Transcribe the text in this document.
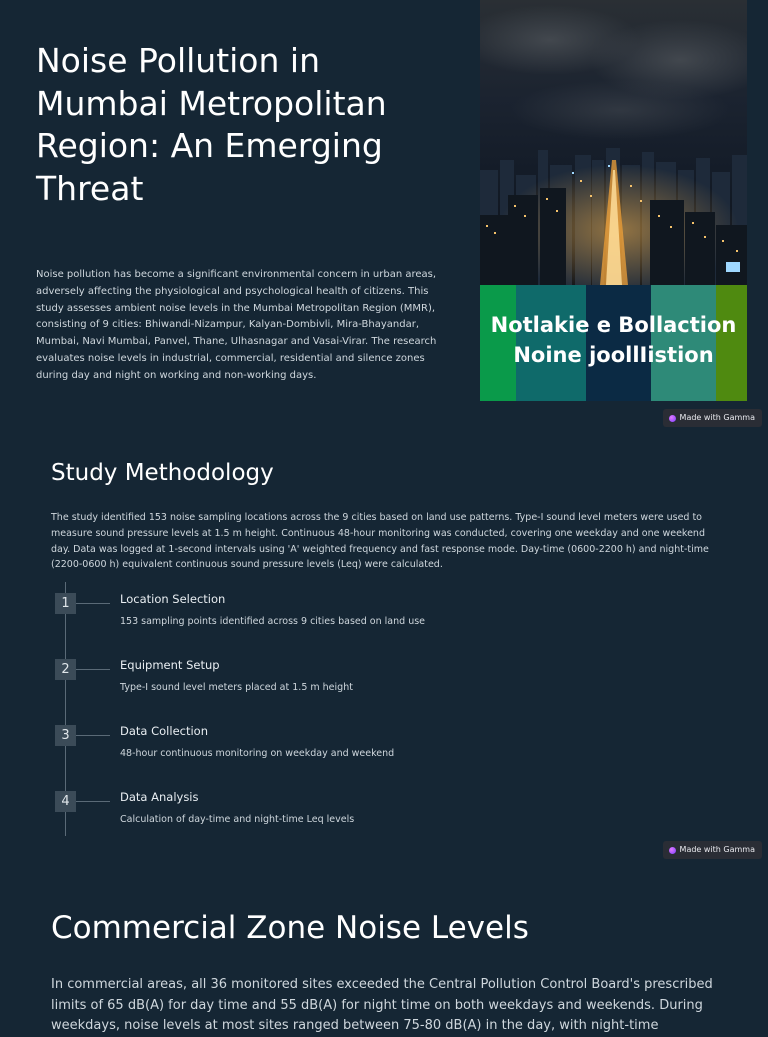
Noise Pollution in Mumbai Metropolitan Region: An Emerging Threat

Noise pollution has become a significant environmental concern in urban areas, adversely affecting the physiological and psychological health of citizens. This study assesses ambient noise levels in the Mumbai Metropolitan Region (MMR), consisting of 9 cities: Bhiwandi-Nizampur, Kalyan-Dombivli, Mira-Bhayandar, Mumbai, Navi Mumbai, Panvel, Thane, Ulhasnagar and Vasai-Virar. The research evaluates noise levels in industrial, commercial, residential and silence zones during day and night on working and non-working days.

Notlakie e Bollaction
Noine joollIistion
Made with Gamma
Study Methodology

The study identified 153 noise sampling locations across the 9 cities based on land use patterns. Type-I sound level meters were used to measure sound pressure levels at 1.5 m height. Continuous 48-hour monitoring was conducted, covering one weekday and one weekend day. Data was logged at 1-second intervals using 'A' weighted frequency and fast response mode. Day-time (0600-2200 h) and night-time (2200-0600 h) equivalent continuous sound pressure levels (Leq) were calculated.

1	Location Selection
153 sampling points identified across 9 cities based on land use
2	Equipment Setup
Type-I sound level meters placed at 1.5 m height
3	Data Collection
48-hour continuous monitoring on weekday and weekend
4	Data Analysis
Calculation of day-time and night-time Leq levels
Made with Gamma
Commercial Zone Noise Levels

In commercial areas, all 36 monitored sites exceeded the Central Pollution Control Board's prescribed limits of 65 dB(A) for day time and 55 dB(A) for night time on both weekdays and weekends. During weekdays, noise levels at most sites ranged between 75-80 dB(A) in the day, with night-time
